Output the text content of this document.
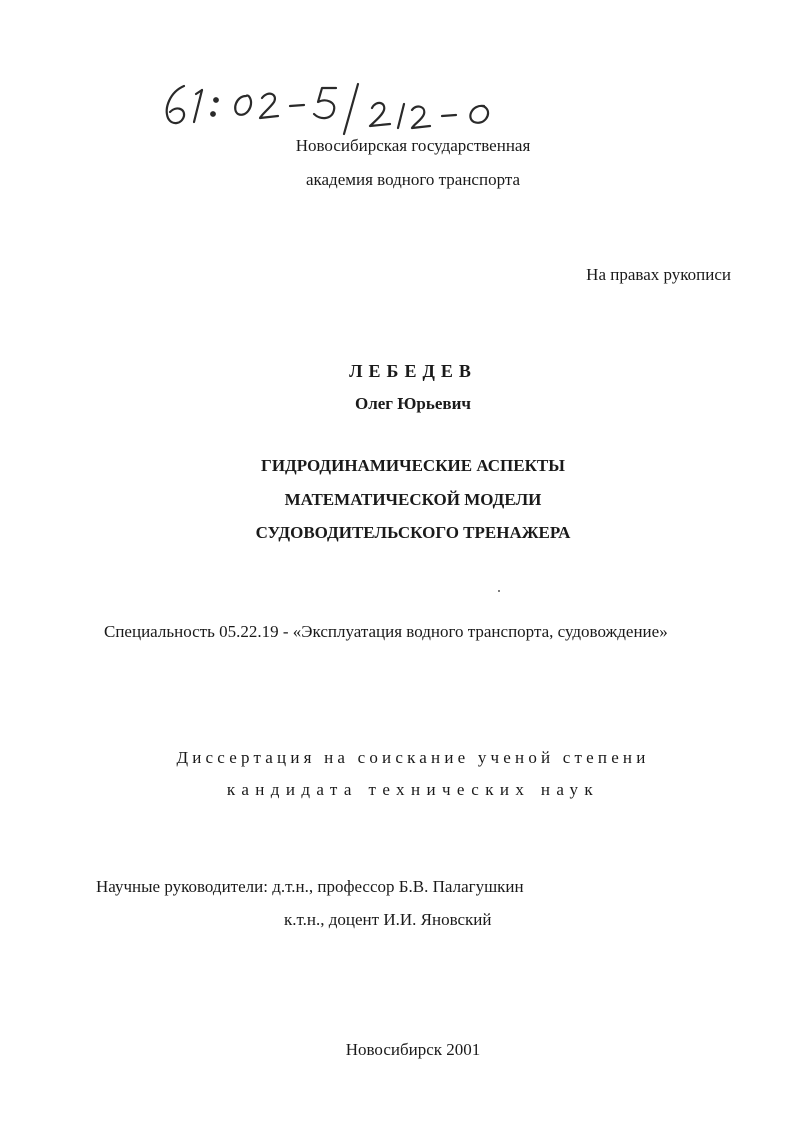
Новосибирская государственная
академия водного транспорта
На правах рукописи
ЛЕБЕДЕВ
Олег Юрьевич
ГИДРОДИНАМИЧЕСКИЕ АСПЕКТЫ
МАТЕМАТИЧЕСКОЙ МОДЕЛИ
СУДОВОДИТЕЛЬСКОГО ТРЕНАЖЕРА
Специальность 05.22.19 - «Эксплуатация водного транспорта, судовождение»
Диссертация на соискание ученой степени
кандидата технических наук
Научные руководители: д.т.н., профессор Б.В. Палагушкин
к.т.н., доцент И.И. Яновский
Новосибирск 2001
